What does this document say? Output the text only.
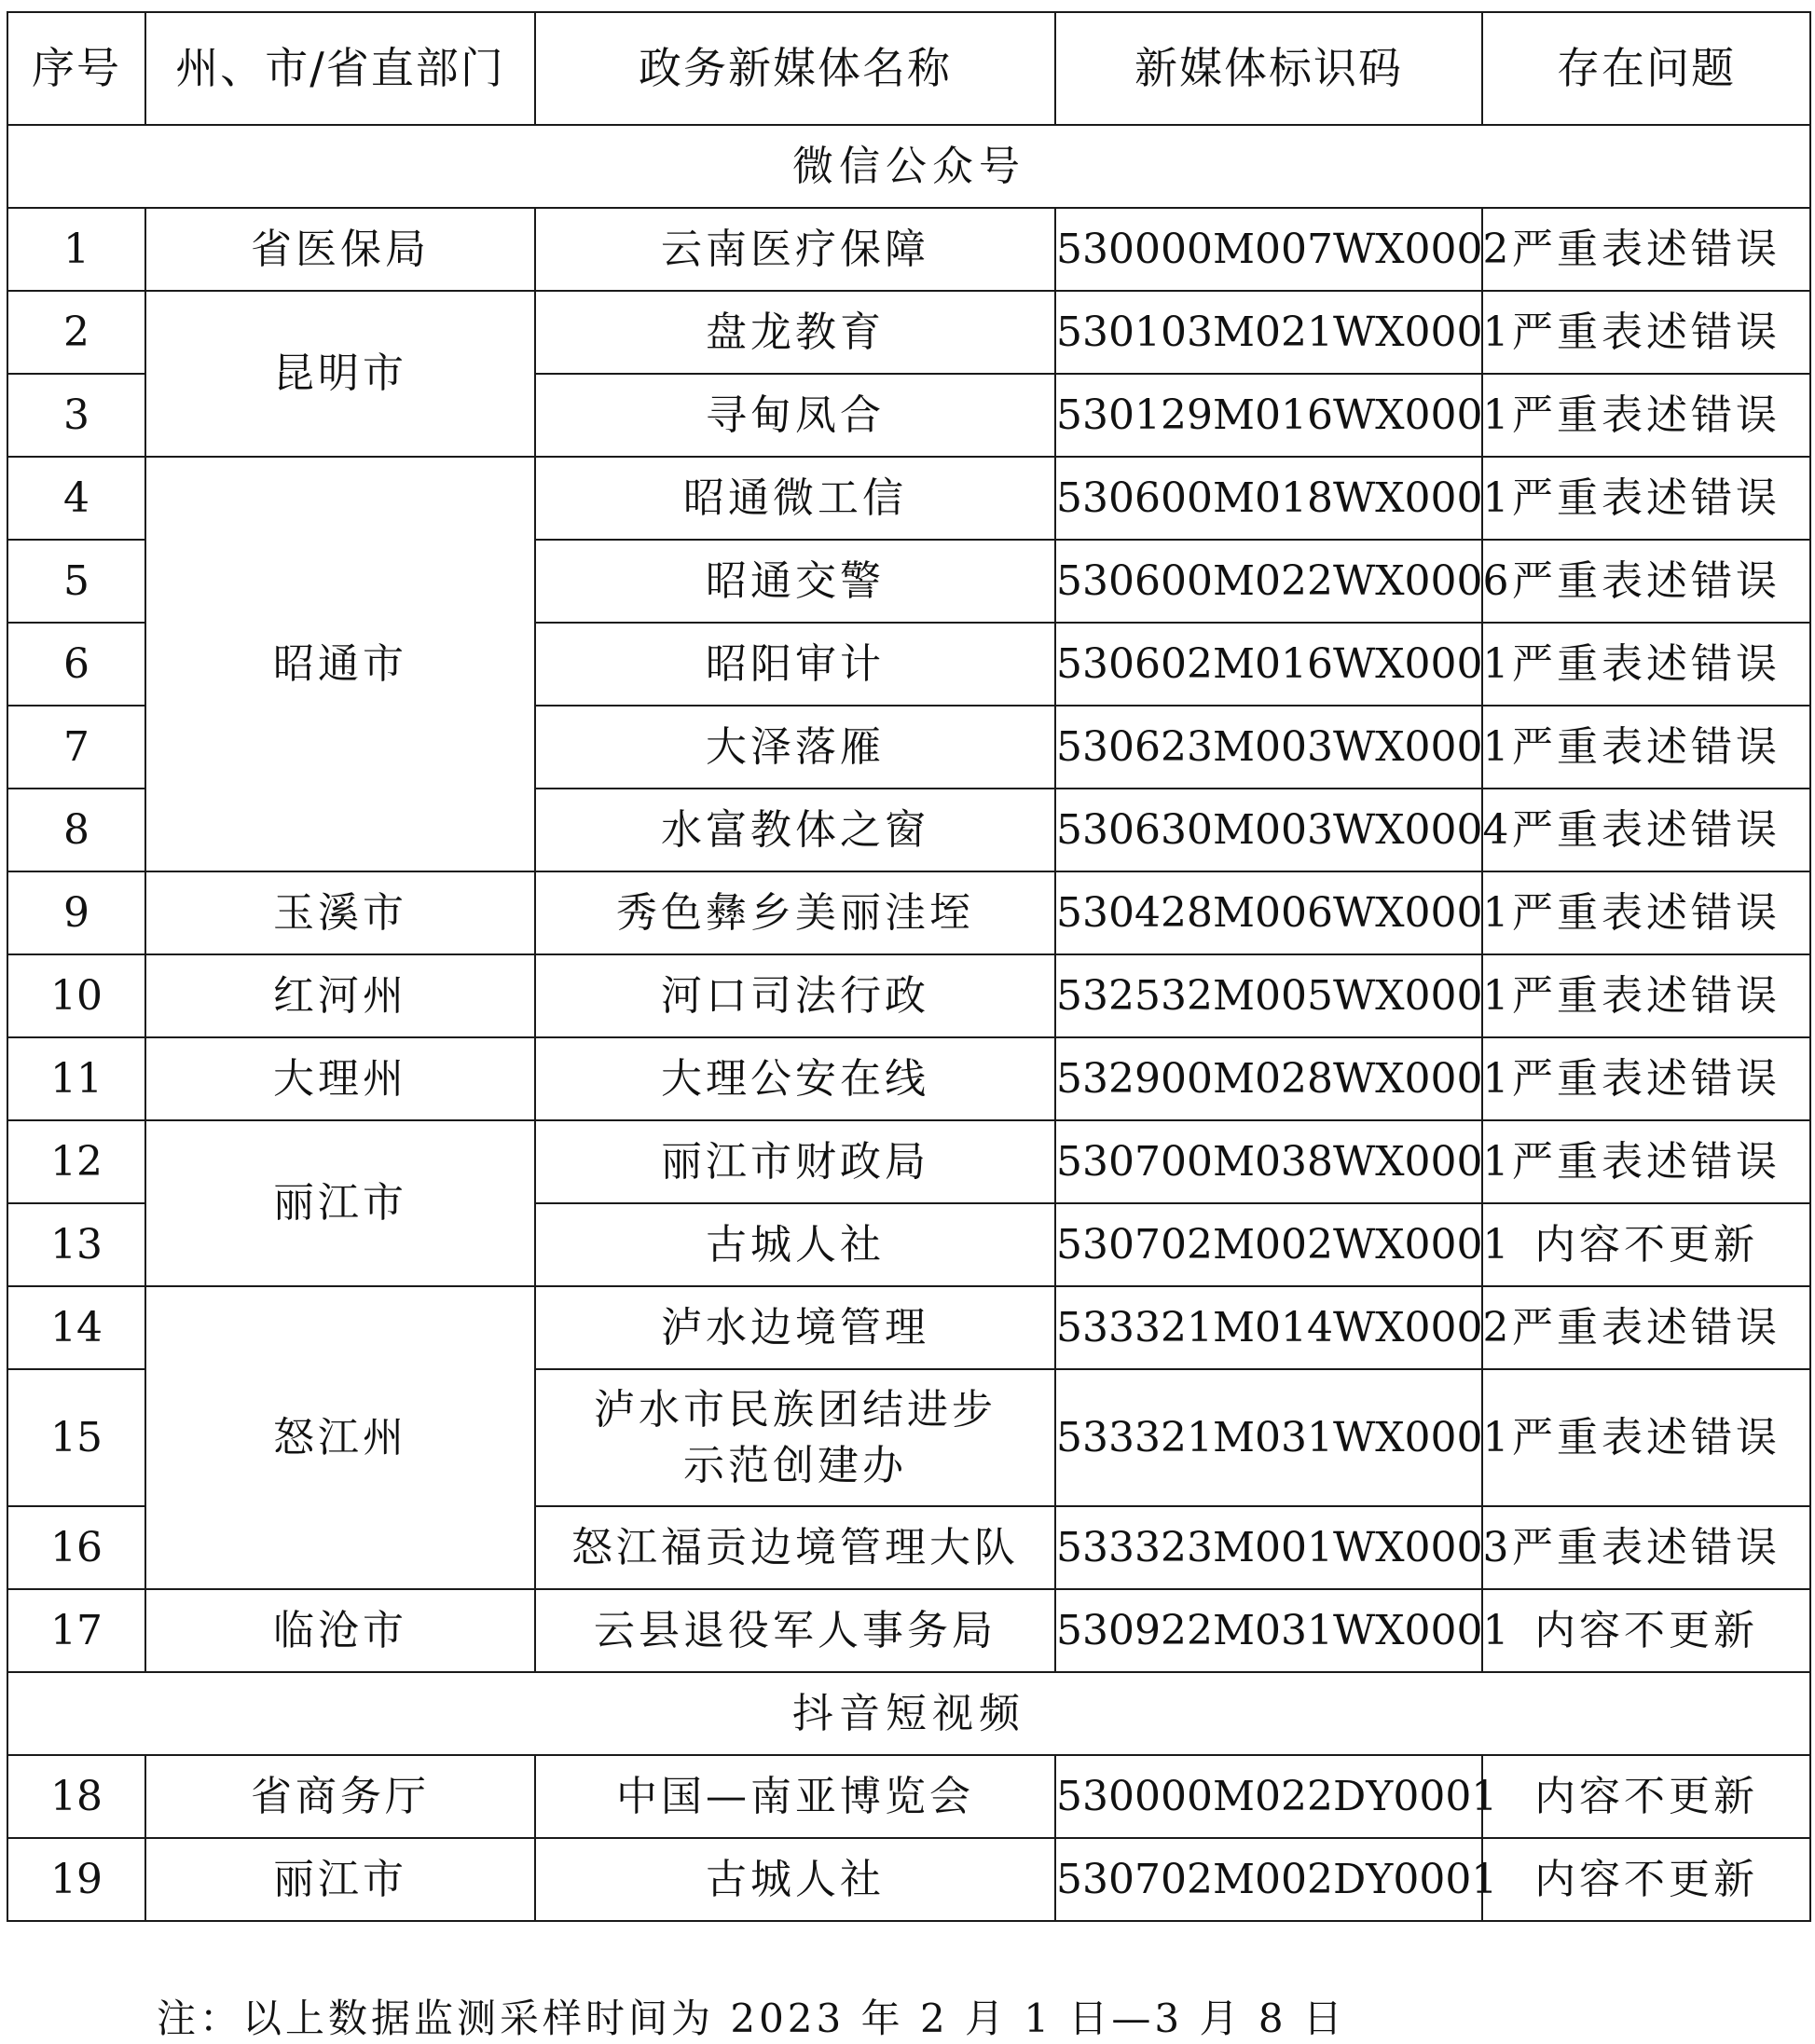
序号	州、市/省直部门	政务新媒体名称	新媒体标识码	存在问题
微信公众号				
1	省医保局	云南医疗保障	530000M007WX0002	严重表述错误
2	昆明市	盘龙教育	530103M021WX0001	严重表述错误
3		寻甸凤合	530129M016WX0001	严重表述错误
4	昭通市	昭通微工信	530600M018WX0001	严重表述错误
5		昭通交警	530600M022WX0006	严重表述错误
6		昭阳审计	530602M016WX0001	严重表述错误
7		大泽落雁	530623M003WX0001	严重表述错误
8		水富教体之窗	530630M003WX0004	严重表述错误
9	玉溪市	秀色彝乡美丽洼垤	530428M006WX0001	严重表述错误
10	红河州	河口司法行政	532532M005WX0001	严重表述错误
11	大理州	大理公安在线	532900M028WX0001	严重表述错误
12	丽江市	丽江市财政局	530700M038WX0001	严重表述错误
13		古城人社	530702M002WX0001	内容不更新
14	怒江州	泸水边境管理	533321M014WX0002	严重表述错误
15		泸水市民族团结进步
示范创建办	533321M031WX0001	严重表述错误
16		怒江福贡边境管理大队	533323M001WX0003	严重表述错误
17	临沧市	云县退役军人事务局	530922M031WX0001	内容不更新
抖音短视频				
18	省商务厅	中国—南亚博览会	530000M022DY0001	内容不更新
19	丽江市	古城人社	530702M002DY0001	内容不更新
注：以上数据监测采样时间为 2023 年 2 月 1 日—3 月 8 日
